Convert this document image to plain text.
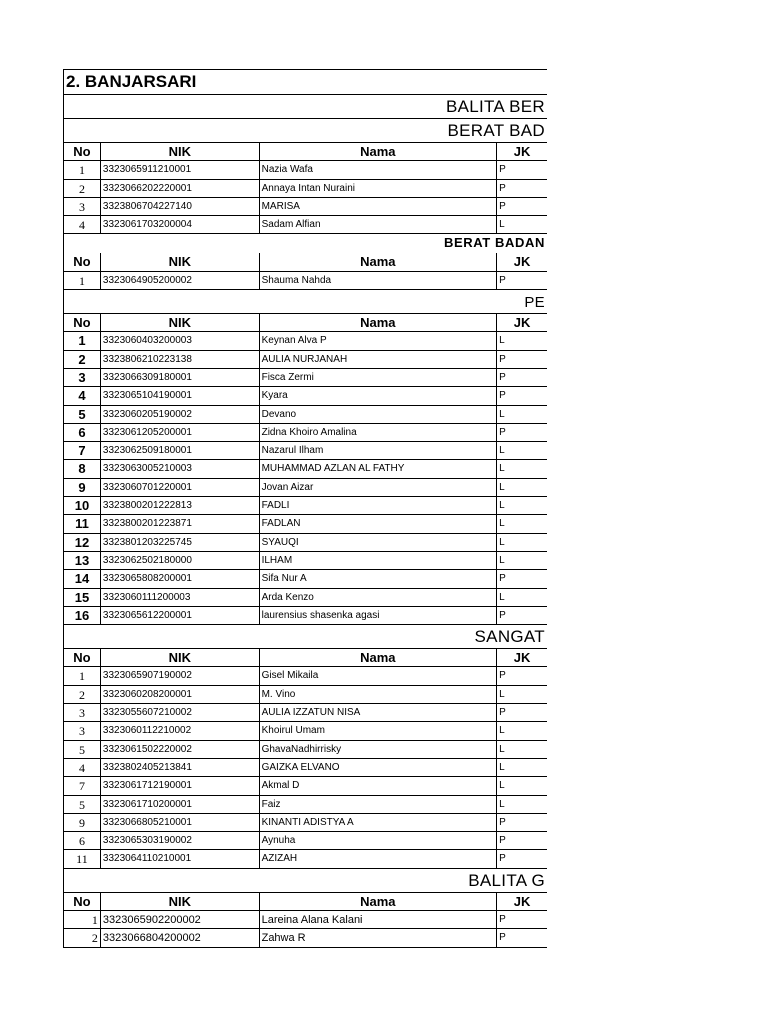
2. BANJARSARI
BALITA BER
BERAT BAD
No	NIK	Nama	JK
1	3323065911210001	Nazia Wafa	P
2	3323066202220001	Annaya Intan Nuraini	P
3	3323806704227140	MARISA	P
4	3323061703200004	Sadam Alfian	L
BERAT BADAN
No	NIK	Nama	JK
1	3323064905200002	Shauma Nahda	P
PE
No	NIK	Nama	JK
1	3323060403200003	Keynan Alva P	L
2	3323806210223138	AULIA NURJANAH	P
3	3323066309180001	Fisca Zermi	P
4	3323065104190001	Kyara	P
5	3323060205190002	Devano	L
6	3323061205200001	Zidna Khoiro Amalina	P
7	3323062509180001	Nazarul Ilham	L
8	3323063005210003	MUHAMMAD AZLAN AL FATHY	L
9	3323060701220001	Jovan Aizar	L
10	3323800201222813	FADLI	L
11	3323800201223871	FADLAN	L
12	3323801203225745	SYAUQI	L
13	3323062502180000	ILHAM	L
14	3323065808200001	Sifa Nur A	P
15	3323060111200003	Arda Kenzo	L
16	3323065612200001	laurensius shasenka agasi	P
SANGAT
No	NIK	Nama	JK
1	3323065907190002	Gisel Mikaila	P
2	3323060208200001	M. Vino	L
3	3323055607210002	AULIA IZZATUN NISA	P
3	3323060112210002	Khoirul Umam	L
5	3323061502220002	GhavaNadhirrisky	L
4	3323802405213841	GAIZKA ELVANO	L
7	3323061712190001	Akmal D	L
5	3323061710200001	Faiz	L
9	3323066805210001	KINANTI ADISTYA A	P
6	3323065303190002	Aynuha	P
11	3323064110210001	AZIZAH	P
BALITA G
No	NIK	Nama	JK
1 3323065902200002	Lareina Alana Kalani	P
2 3323066804200002	Zahwa R	P
